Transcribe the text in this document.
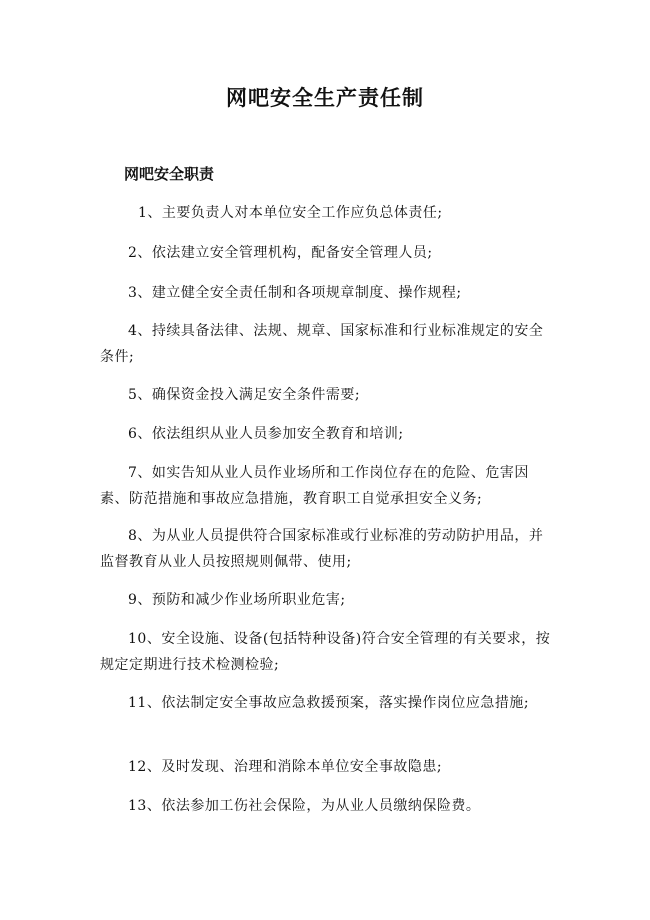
网吧安全生产责任制
网吧安全职责

1、主要负责人对本单位安全工作应负总体责任;

2、依法建立安全管理机构，配备安全管理人员;

3、建立健全安全责任制和各项规章制度、操作规程;

4、持续具备法律、法规、规章、国家标准和行业标准规定的安全条件;

5、确保资金投入满足安全条件需要;

6、依法组织从业人员参加安全教育和培训;

7、如实告知从业人员作业场所和工作岗位存在的危险、危害因素、防范措施和事故应急措施，教育职工自觉承担安全义务;

8、为从业人员提供符合国家标准或行业标准的劳动防护用品，并监督教育从业人员按照规则佩带、使用;

9、预防和减少作业场所职业危害;

10、安全设施、设备(包括特种设备)符合安全管理的有关要求，按规定定期进行技术检测检验;

11、依法制定安全事故应急救援预案，落实操作岗位应急措施;

12、及时发现、治理和消除本单位安全事故隐患;

13、依法参加工伤社会保险，为从业人员缴纳保险费。
